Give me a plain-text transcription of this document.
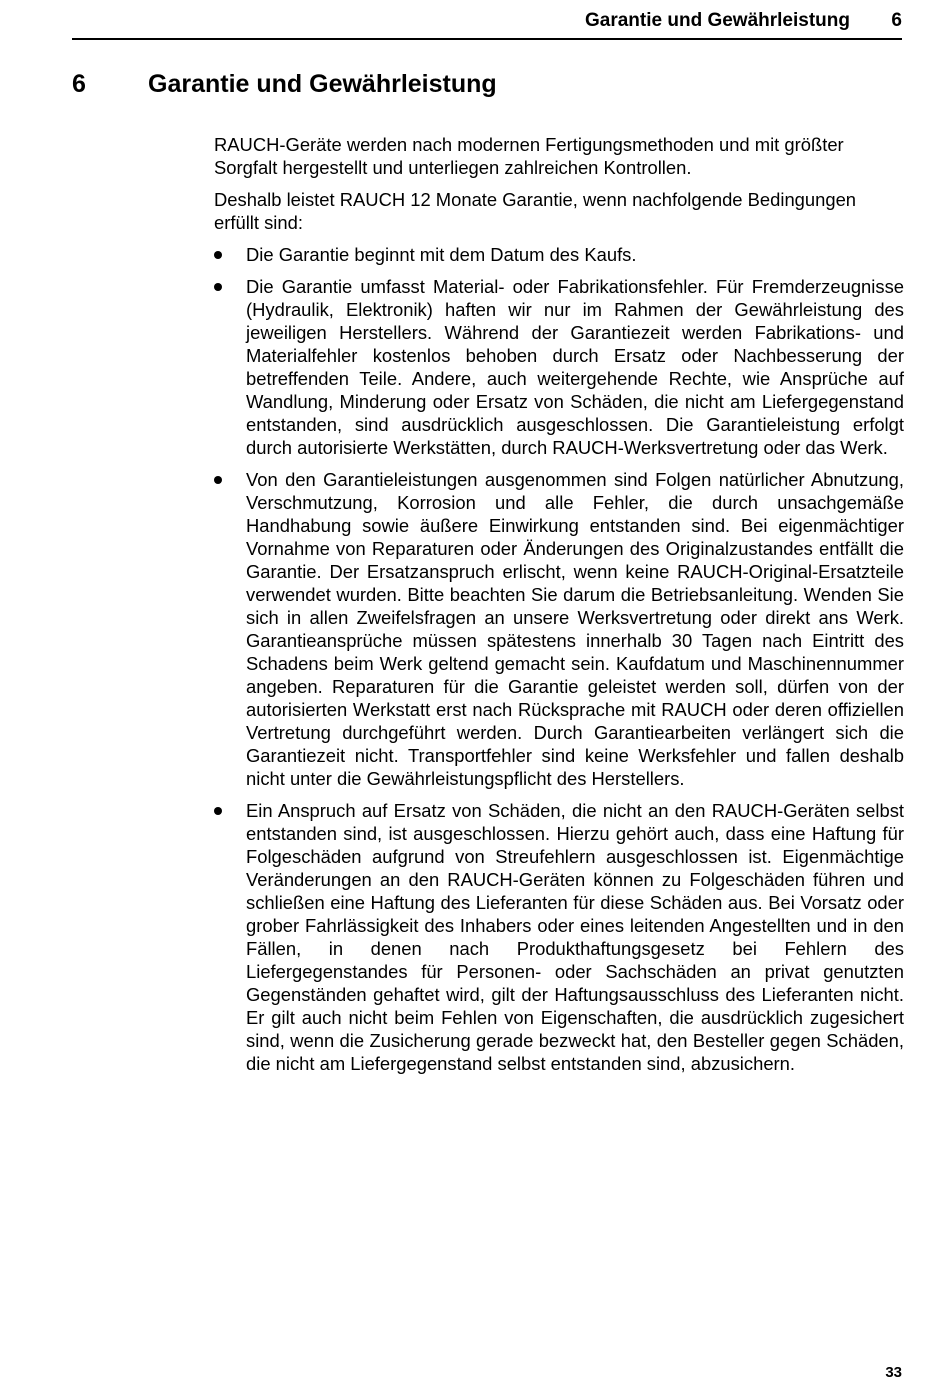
Garantie und Gewährleistung 6
6 Garantie und Gewährleistung

RAUCH-Geräte werden nach modernen Fertigungsmethoden und mit größter Sorgfalt hergestellt und unterliegen zahlreichen Kontrollen.

Deshalb leistet RAUCH 12 Monate Garantie, wenn nachfolgende Bedingungen erfüllt sind:

Die Garantie beginnt mit dem Datum des Kaufs.
Die Garantie umfasst Material- oder Fabrikationsfehler. Für Fremderzeugnisse (Hydraulik, Elektronik) haften wir nur im Rahmen der Gewährleistung des jeweiligen Herstellers. Während der Garantiezeit werden Fabrikations- und Materialfehler kostenlos behoben durch Ersatz oder Nachbesserung der betreffenden Teile. Andere, auch weitergehende Rechte, wie Ansprüche auf Wandlung, Minderung oder Ersatz von Schäden, die nicht am Liefergegenstand entstanden, sind ausdrücklich ausgeschlossen. Die Garantieleistung erfolgt durch autorisierte Werkstätten, durch RAUCH-Werksvertretung oder das Werk.
Von den Garantieleistungen ausgenommen sind Folgen natürlicher Abnutzung, Verschmutzung, Korrosion und alle Fehler, die durch unsachgemäße Handhabung sowie äußere Einwirkung entstanden sind. Bei eigenmächtiger Vornahme von Reparaturen oder Änderungen des Originalzustandes entfällt die Garantie. Der Ersatzanspruch erlischt, wenn keine RAUCH-Original-Ersatzteile verwendet wurden. Bitte beachten Sie darum die Betriebsanleitung. Wenden Sie sich in allen Zweifelsfragen an unsere Werksvertretung oder direkt ans Werk. Garantieansprüche müssen spätestens innerhalb 30 Tagen nach Eintritt des Schadens beim Werk geltend gemacht sein. Kaufdatum und Maschinennummer angeben. Reparaturen für die Garantie geleistet werden soll, dürfen von der autorisierten Werkstatt erst nach Rücksprache mit RAUCH oder deren offiziellen Vertretung durchgeführt werden. Durch Garantiearbeiten verlängert sich die Garantiezeit nicht. Transportfehler sind keine Werksfehler und fallen deshalb nicht unter die Gewährleistungspflicht des Herstellers.
Ein Anspruch auf Ersatz von Schäden, die nicht an den RAUCH-Geräten selbst entstanden sind, ist ausgeschlossen. Hierzu gehört auch, dass eine Haftung für Folgeschäden aufgrund von Streufehlern ausgeschlossen ist. Eigenmächtige Veränderungen an den RAUCH-Geräten können zu Folgeschäden führen und schließen eine Haftung des Lieferanten für diese Schäden aus. Bei Vorsatz oder grober Fahrlässigkeit des Inhabers oder eines leitenden Angestellten und in den Fällen, in denen nach Produkthaftungsgesetz bei Fehlern des Liefergegenstandes für Personen- oder Sachschäden an privat genutzten Gegenständen gehaftet wird, gilt der Haftungsausschluss des Lieferanten nicht. Er gilt auch nicht beim Fehlen von Eigenschaften, die ausdrücklich zugesichert sind, wenn die Zusicherung gerade bezweckt hat, den Besteller gegen Schäden, die nicht am Liefergegenstand selbst entstanden sind, abzusichern.
33
